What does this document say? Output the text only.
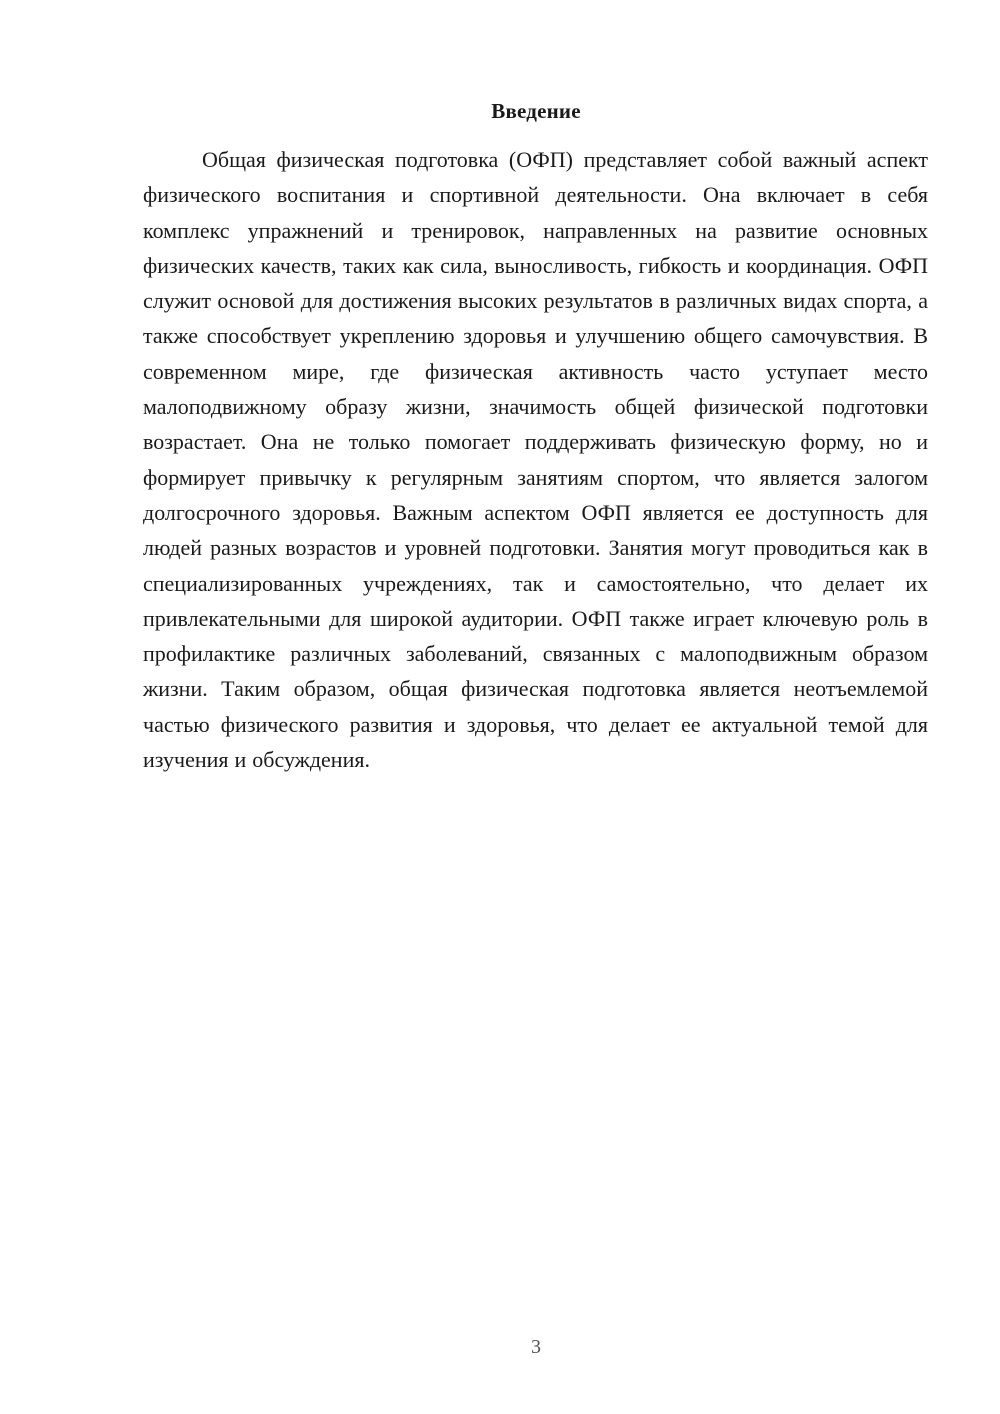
Введение

Общая физическая подготовка (ОФП) представляет собой важный аспект физического воспитания и спортивной деятельности. Она включает в себя комплекс упражнений и тренировок, направленных на развитие основных физических качеств, таких как сила, выносливость, гибкость и координация. ОФП служит основой для достижения высоких результатов в различных видах спорта, а также способствует укреплению здоровья и улучшению общего самочувствия. В современном мире, где физическая активность часто уступает место малоподвижному образу жизни, значимость общей физической подготовки возрастает. Она не только помогает поддерживать физическую форму, но и формирует привычку к регулярным занятиям спортом, что является залогом долгосрочного здоровья. Важным аспектом ОФП является ее доступность для людей разных возрастов и уровней подготовки. Занятия могут проводиться как в специализированных учреждениях, так и самостоятельно, что делает их привлекательными для широкой аудитории. ОФП также играет ключевую роль в профилактике различных заболеваний, связанных с малоподвижным образом жизни. Таким образом, общая физическая подготовка является неотъемлемой частью физического развития и здоровья, что делает ее актуальной темой для изучения и обсуждения.

3
